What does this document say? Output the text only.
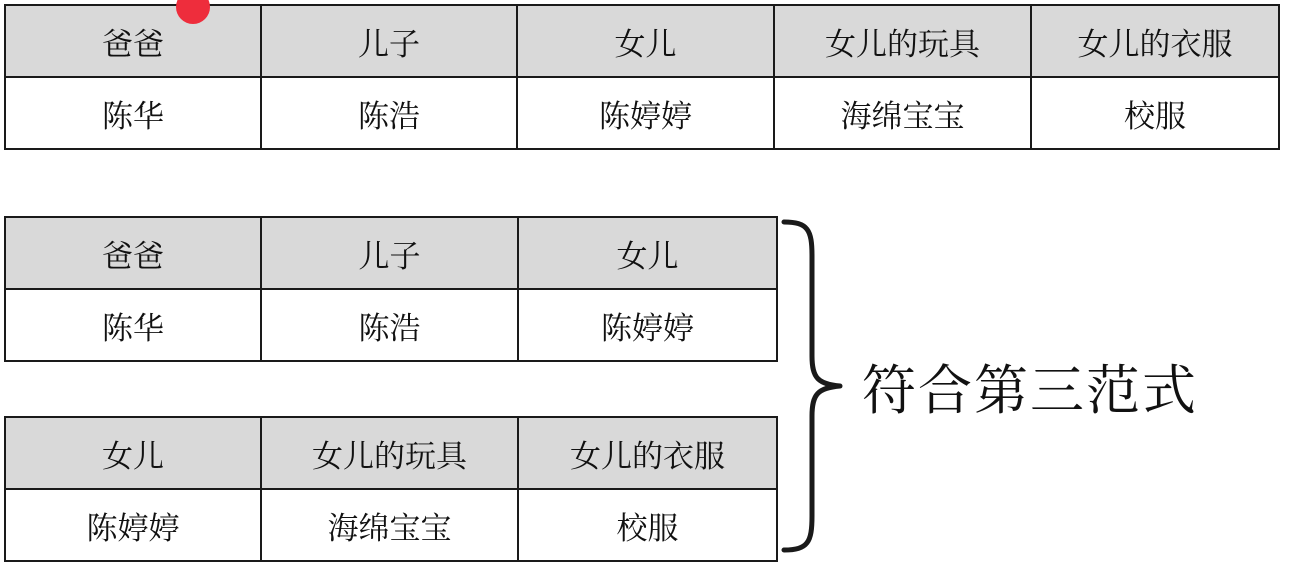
爸爸	儿子	女儿	女儿的玩具	女儿的衣服
陈华	陈浩	陈婷婷	海绵宝宝	校服
爸爸	儿子	女儿
陈华	陈浩	陈婷婷
女儿	女儿的玩具	女儿的衣服
陈婷婷	海绵宝宝	校服
符合第三范式
